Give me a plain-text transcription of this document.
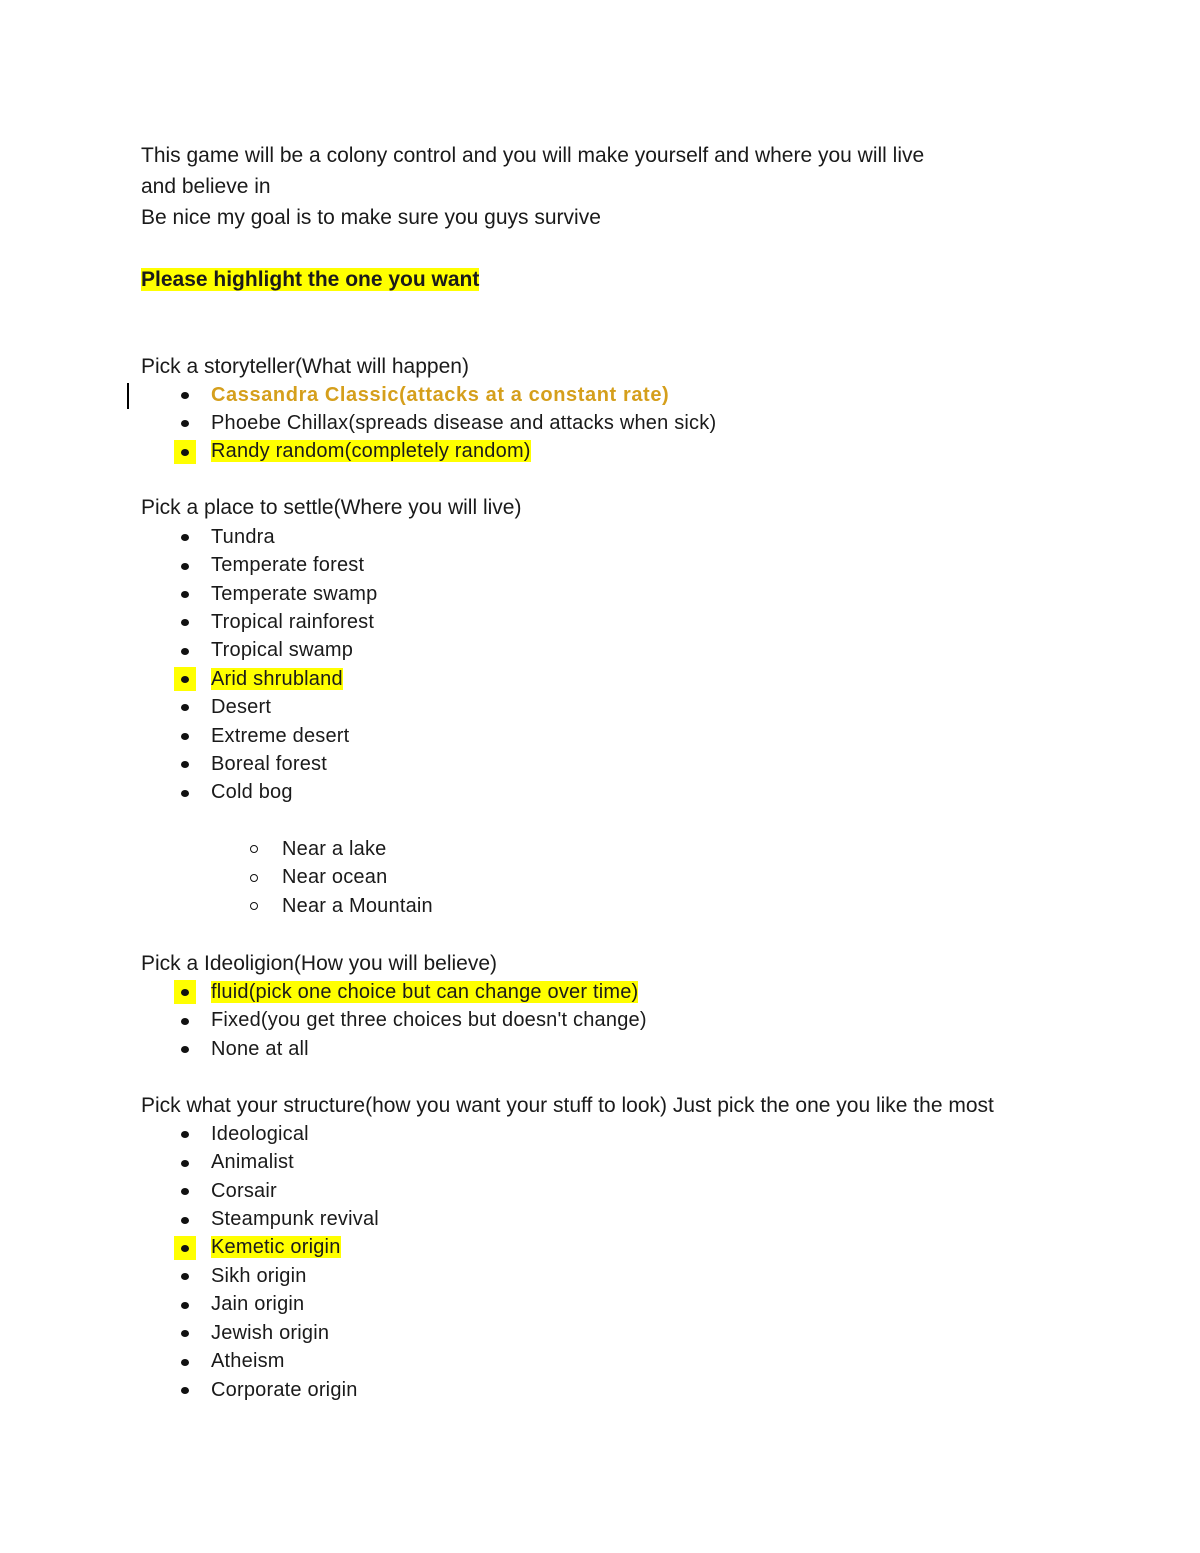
This game will be a colony control and you will make yourself and where you will live
and believe in
Be nice my goal is to make sure you guys survive
Please highlight the one you want
Pick a storyteller(What will happen)
Cassandra Classic(attacks at a constant rate)
Phoebe Chillax(spreads disease and attacks when sick)
Randy random(completely random)
Pick a place to settle(Where you will live)
Tundra
Temperate forest
Temperate swamp
Tropical rainforest
Tropical swamp
Arid shrubland
Desert
Extreme desert
Boreal forest
Cold bog
Near a lake
Near ocean
Near a Mountain
Pick a Ideoligion(How you will believe)
fluid(pick one choice but can change over time)
Fixed(you get three choices but doesn't change)
None at all
Pick what your structure(how you want your stuff to look) Just pick the one you like the most
Ideological
Animalist
Corsair
Steampunk revival
Kemetic origin
Sikh origin
Jain origin
Jewish origin
Atheism
Corporate origin
